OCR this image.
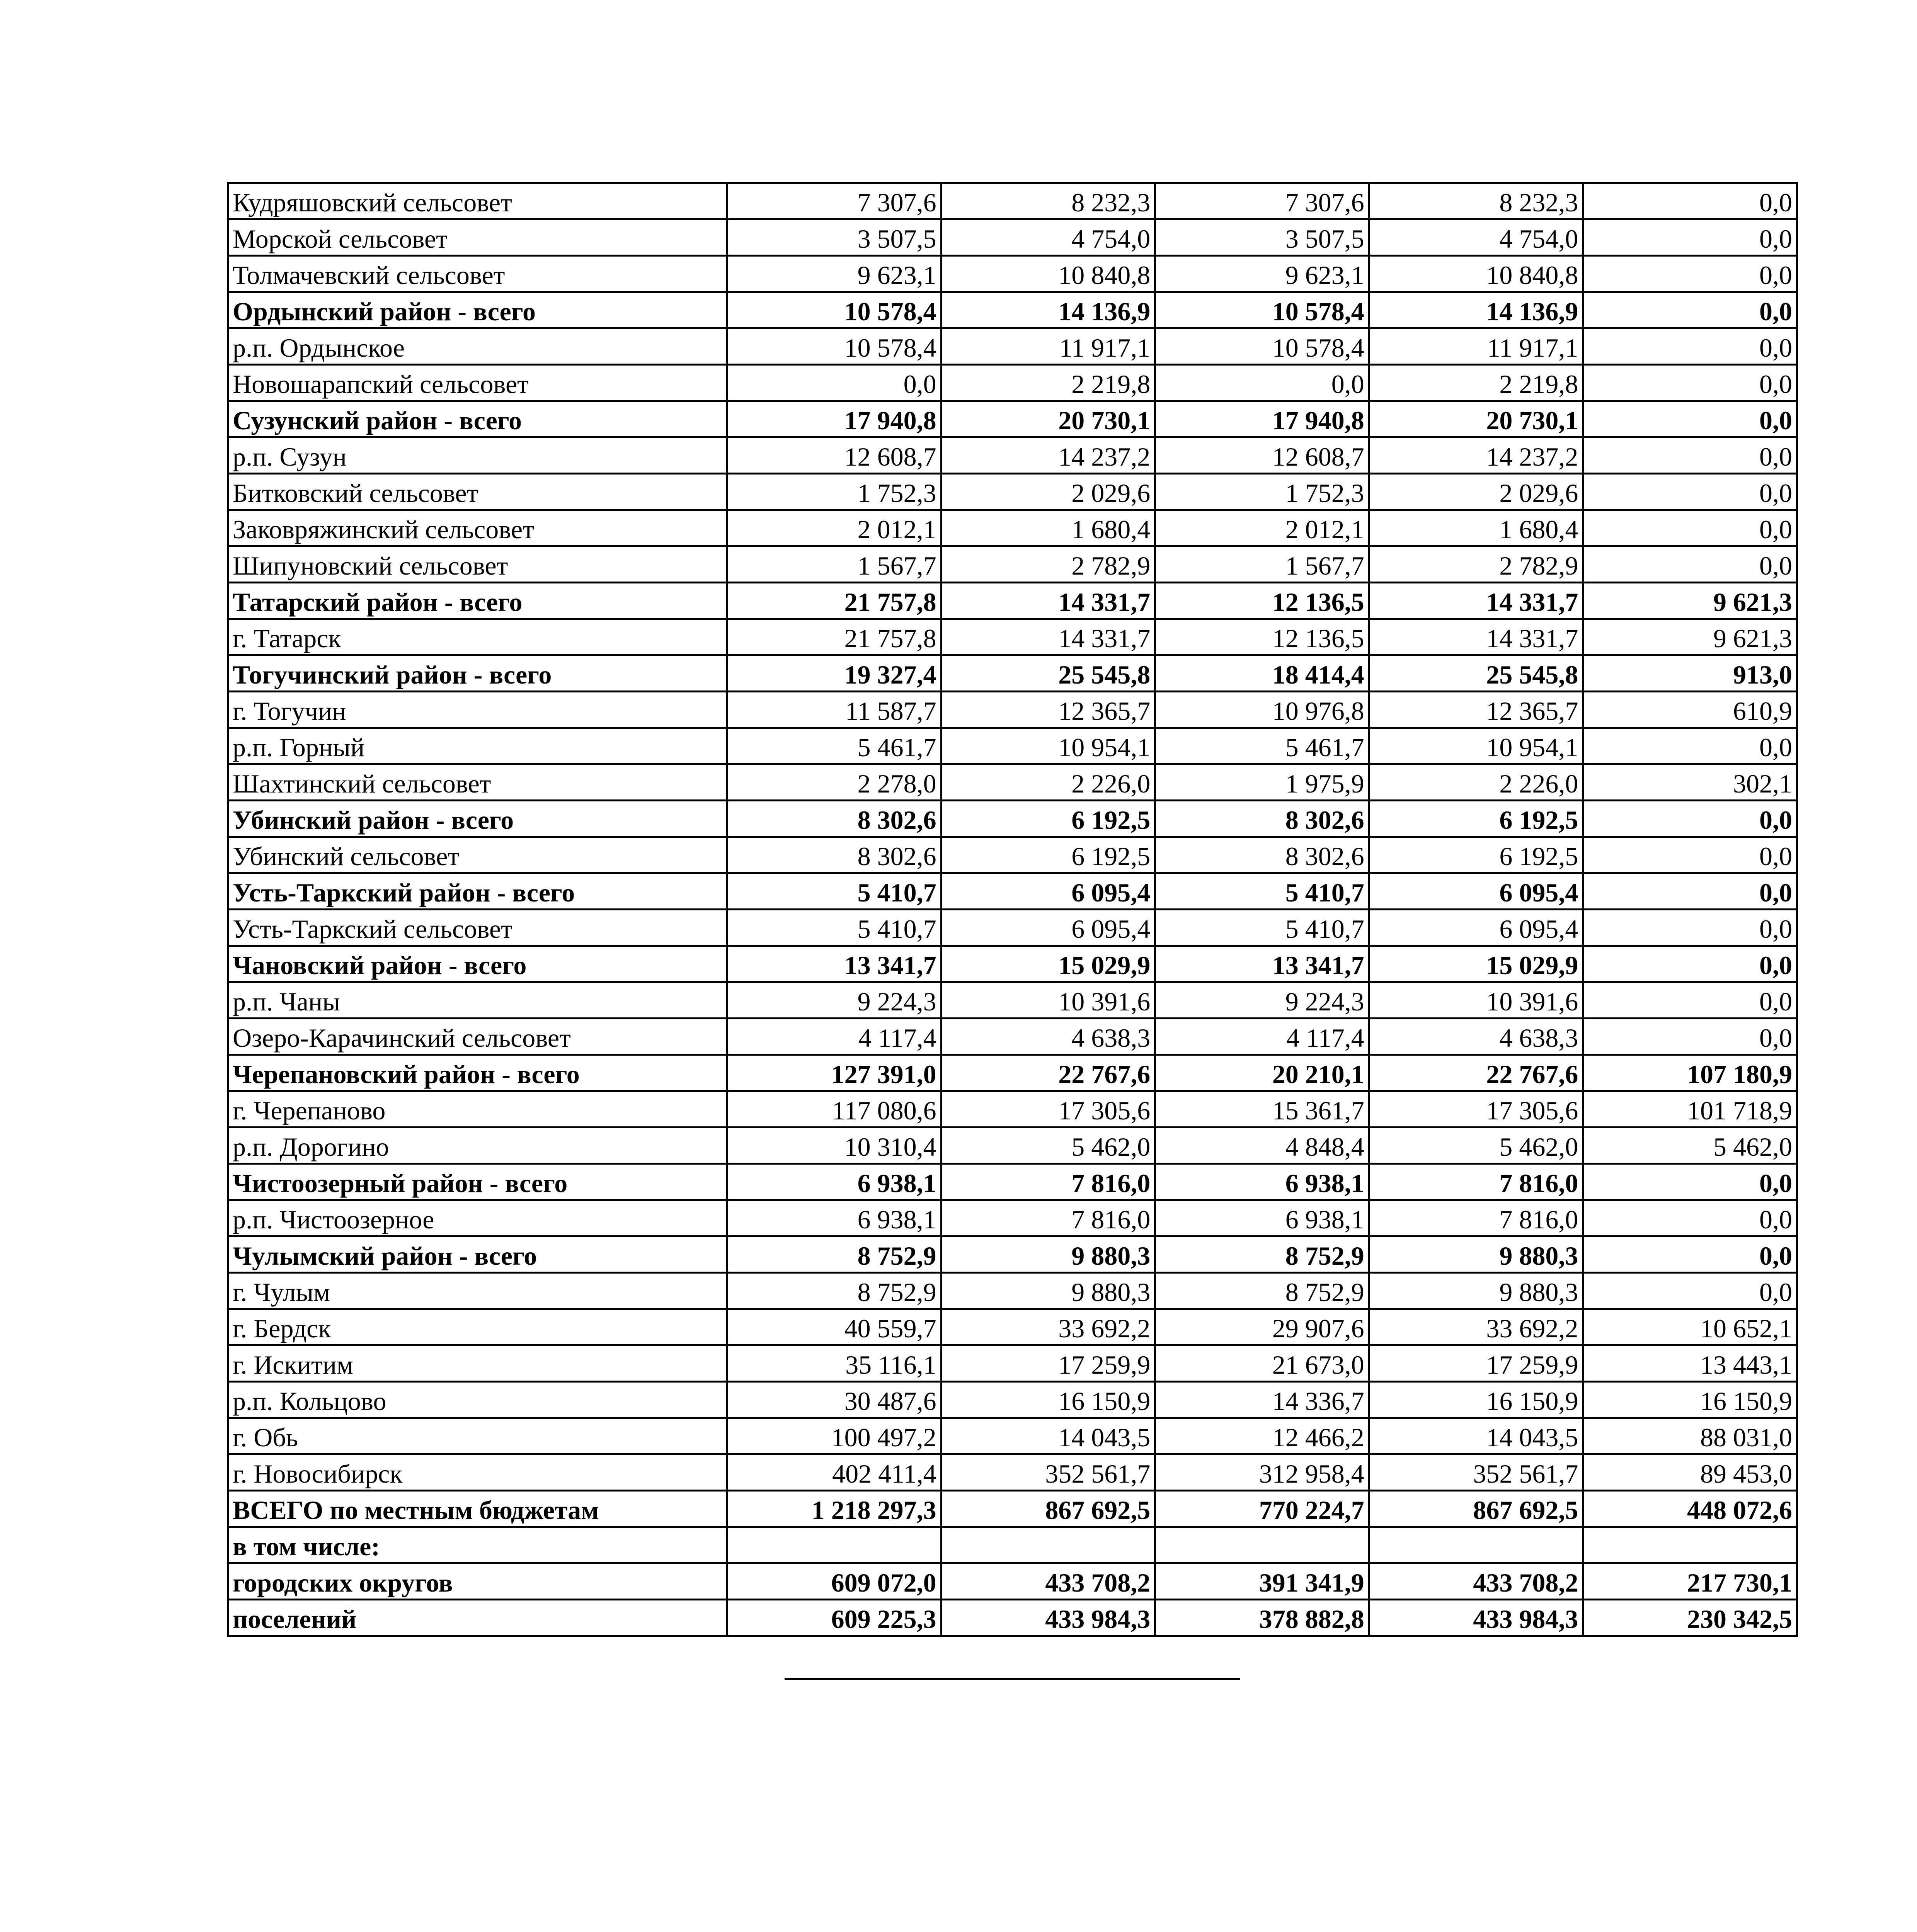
Кудряшовский сельсовет	7 307,6	8 232,3	7 307,6	8 232,3	0,0
Морской сельсовет	3 507,5	4 754,0	3 507,5	4 754,0	0,0
Толмачевский сельсовет	9 623,1	10 840,8	9 623,1	10 840,8	0,0
Ордынский район - всего	10 578,4	14 136,9	10 578,4	14 136,9	0,0
р.п. Ордынское	10 578,4	11 917,1	10 578,4	11 917,1	0,0
Новошарапский сельсовет	0,0	2 219,8	0,0	2 219,8	0,0
Сузунский район - всего	17 940,8	20 730,1	17 940,8	20 730,1	0,0
р.п. Сузун	12 608,7	14 237,2	12 608,7	14 237,2	0,0
Битковский сельсовет	1 752,3	2 029,6	1 752,3	2 029,6	0,0
Заковряжинский сельсовет	2 012,1	1 680,4	2 012,1	1 680,4	0,0
Шипуновский сельсовет	1 567,7	2 782,9	1 567,7	2 782,9	0,0
Татарский район - всего	21 757,8	14 331,7	12 136,5	14 331,7	9 621,3
г. Татарск	21 757,8	14 331,7	12 136,5	14 331,7	9 621,3
Тогучинский район - всего	19 327,4	25 545,8	18 414,4	25 545,8	913,0
г. Тогучин	11 587,7	12 365,7	10 976,8	12 365,7	610,9
р.п. Горный	5 461,7	10 954,1	5 461,7	10 954,1	0,0
Шахтинский сельсовет	2 278,0	2 226,0	1 975,9	2 226,0	302,1
Убинский район - всего	8 302,6	6 192,5	8 302,6	6 192,5	0,0
Убинский сельсовет	8 302,6	6 192,5	8 302,6	6 192,5	0,0
Усть-Таркский район - всего	5 410,7	6 095,4	5 410,7	6 095,4	0,0
Усть-Таркский сельсовет	5 410,7	6 095,4	5 410,7	6 095,4	0,0
Чановский район - всего	13 341,7	15 029,9	13 341,7	15 029,9	0,0
р.п. Чаны	9 224,3	10 391,6	9 224,3	10 391,6	0,0
Озеро-Карачинский сельсовет	4 117,4	4 638,3	4 117,4	4 638,3	0,0
Черепановский район - всего	127 391,0	22 767,6	20 210,1	22 767,6	107 180,9
г. Черепаново	117 080,6	17 305,6	15 361,7	17 305,6	101 718,9
р.п. Дорогино	10 310,4	5 462,0	4 848,4	5 462,0	5 462,0
Чистоозерный район - всего	6 938,1	7 816,0	6 938,1	7 816,0	0,0
р.п. Чистоозерное	6 938,1	7 816,0	6 938,1	7 816,0	0,0
Чулымский район - всего	8 752,9	9 880,3	8 752,9	9 880,3	0,0
г. Чулым	8 752,9	9 880,3	8 752,9	9 880,3	0,0
г. Бердск	40 559,7	33 692,2	29 907,6	33 692,2	10 652,1
г. Искитим	35 116,1	17 259,9	21 673,0	17 259,9	13 443,1
р.п. Кольцово	30 487,6	16 150,9	14 336,7	16 150,9	16 150,9
г. Обь	100 497,2	14 043,5	12 466,2	14 043,5	88 031,0
г. Новосибирск	402 411,4	352 561,7	312 958,4	352 561,7	89 453,0
ВСЕГО по местным бюджетам	1 218 297,3	867 692,5	770 224,7	867 692,5	448 072,6
в том числе:					
городских округов	609 072,0	433 708,2	391 341,9	433 708,2	217 730,1
поселений	609 225,3	433 984,3	378 882,8	433 984,3	230 342,5
